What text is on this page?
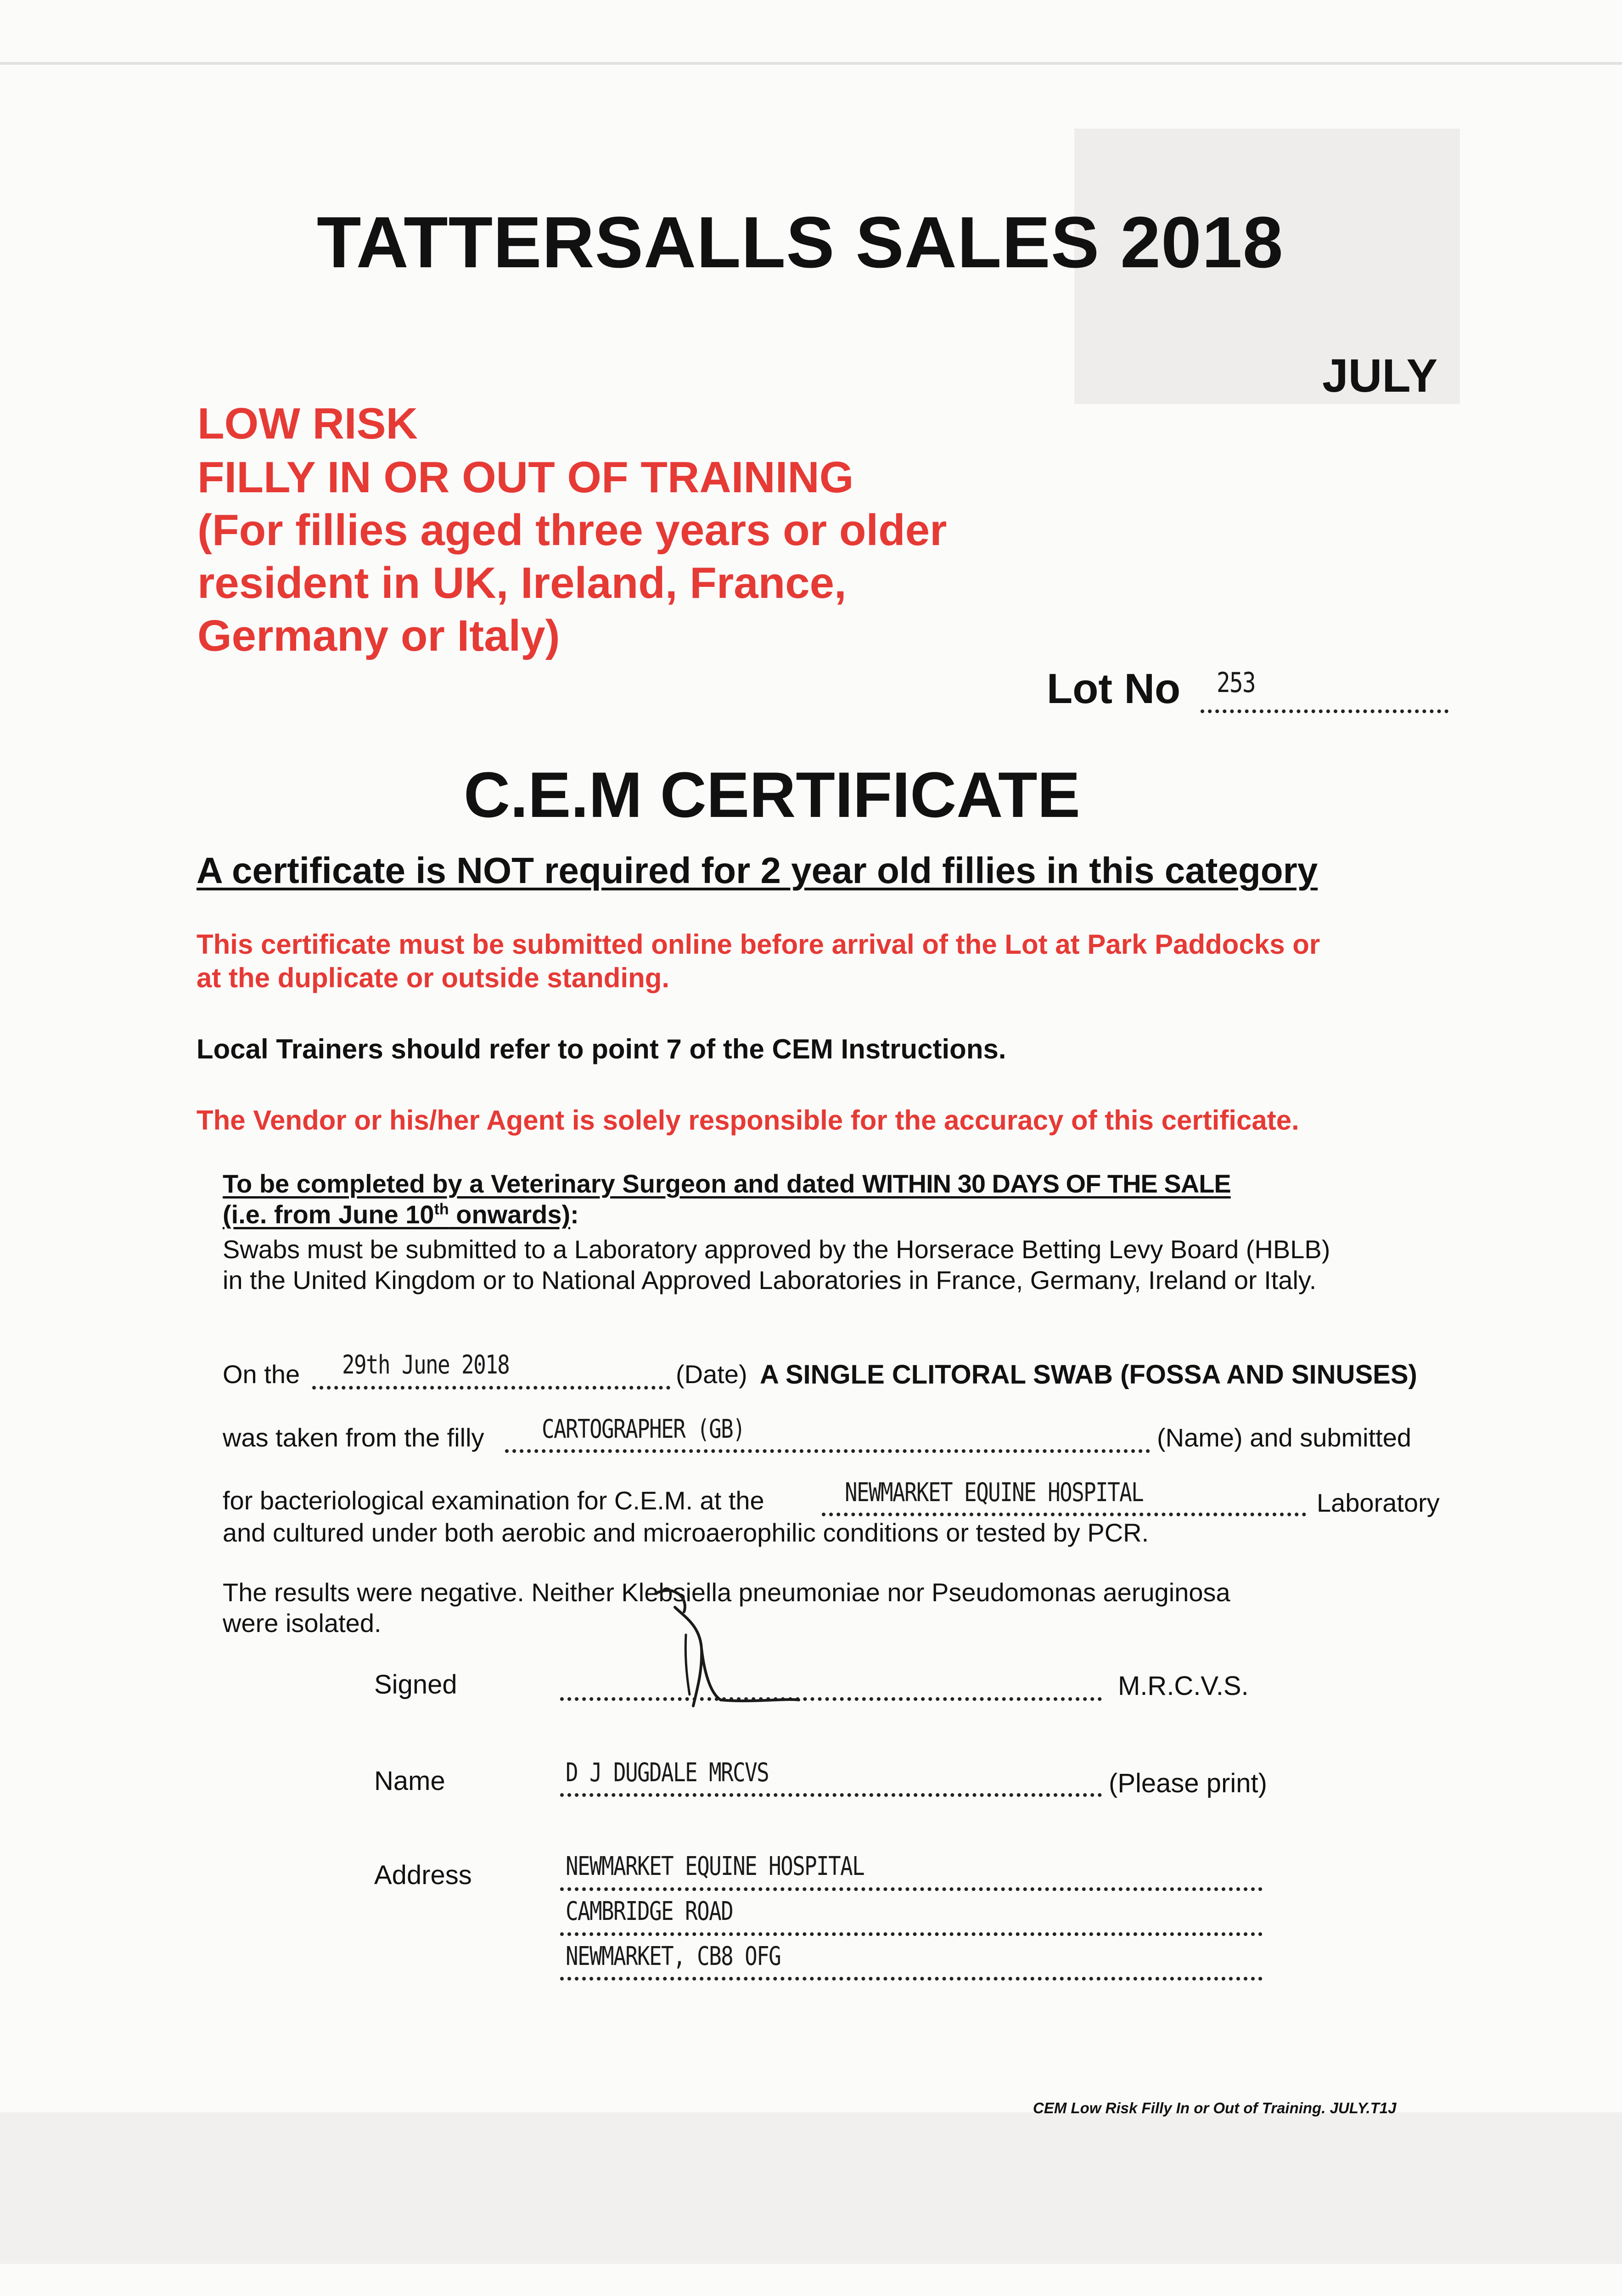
TATTERSALLS SALES 2018
JULY
LOW RISK
FILLY IN OR OUT OF TRAINING
(For fillies aged three years or older
resident in UK, Ireland, France,
Germany or Italy)
Lot No 253
C.E.M CERTIFICATE
A certificate is NOT required for 2 year old fillies in this category
This certificate must be submitted online before arrival of the Lot at Park Paddocks or
at the duplicate or outside standing.
Local Trainers should refer to point 7 of the CEM Instructions.
The Vendor or his/her Agent is solely responsible for the accuracy of this certificate.
To be completed by a Veterinary Surgeon and dated WITHIN 30 DAYS OF THE SALE
(i.e. from June 10th onwards):
Swabs must be submitted to a Laboratory approved by the Horserace Betting Levy Board (HBLB)
in the United Kingdom or to National Approved Laboratories in France, Germany, Ireland or Italy.
On the 29th June 2018	(Date) A SINGLE CLITORAL SWAB (FOSSA AND SINUSES)
was taken from the filly CARTOGRAPHER (GB)	(Name) and submitted
for bacteriological examination for C.E.M. at the	NEWMARKET EQUINE HOSPITAL	Laboratory
and cultured under both aerobic and microaerophilic conditions or tested by PCR.
The results were negative. Neither Klebsiella pneumoniae nor Pseudomonas aeruginosa
were isolated.
Signed	M.R.C.V.S.
Name	D J DUGDALE MRCVS	(Please print)
Address	NEWMARKET EQUINE HOSPITAL
CAMBRIDGE ROAD
NEWMARKET, CB8 OFG
CEM Low Risk Filly In or Out of Training. JULY.T1J
